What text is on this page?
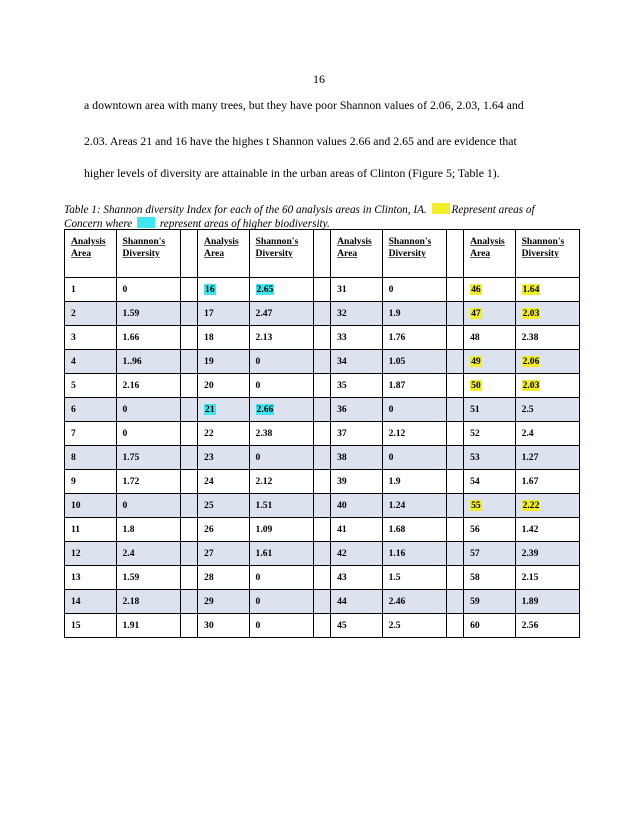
16
a downtown area with many trees, but they have poor Shannon values of 2.06, 2.03, 1.64 and
2.03. Areas 21 and 16 have the highes t Shannon values 2.66 and 2.65 and are evidence that
higher levels of diversity are attainable in the urban areas of Clinton (Figure 5; Table 1).
Table 1: Shannon diversity Index for each of the 60 analysis areas in Clinton, IA. Represent areas of
Concern where represent areas of higher biodiversity.
Analysis
Area	Shannon's
Diversity		Analysis
Area	Shannon's
Diversity		Analysis
Area	Shannon's
Diversity		Analysis
Area	Shannon's
Diversity
1	0		16	2.65		31	0		46	1.64
2	1.59		17	2.47		32	1.9		47	2.03
3	1.66		18	2.13		33	1.76		48	2.38
4	1..96		19	0		34	1.05		49	2.06
5	2.16		20	0		35	1.87		50	2.03
6	0		21	2.66		36	0		51	2.5
7	0		22	2.38		37	2.12		52	2.4
8	1.75		23	0		38	0		53	1.27
9	1.72		24	2.12		39	1.9		54	1.67
10	0		25	1.51		40	1.24		55	2.22
11	1.8		26	1.09		41	1.68		56	1.42
12	2.4		27	1.61		42	1.16		57	2.39
13	1.59		28	0		43	1.5		58	2.15
14	2.18		29	0		44	2.46		59	1.89
15	1.91		30	0		45	2.5		60	2.56
